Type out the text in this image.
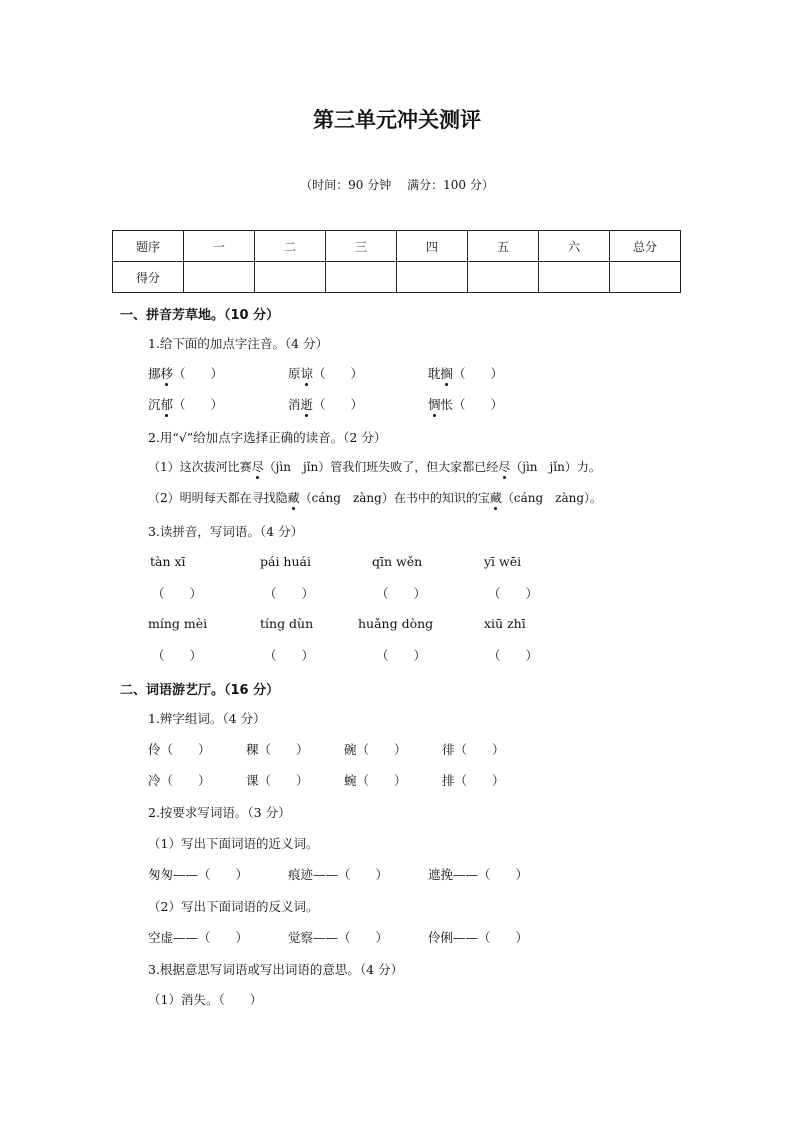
第三单元冲关测评
（时间：90 分钟 满分：100 分）
题序	一	二	三	四	五	六	总分
得分							
一、拼音芳草地。（10 分）
1.给下面的加点字注音。（4 分）
挪移（　　）	原谅（　　）	耽搁（　　）
沉郁（　　）	消逝（　　）	惆怅（　　）
2.用“√”给加点字选择正确的读音。（2 分）
（1）这次拔河比赛尽（jìn　jǐn）管我们班失败了，但大家都已经尽（jìn　jǐn）力。
（2）明明每天都在寻找隐藏（cáng　zàng）在书中的知识的宝藏（cáng　zàng）。
3.读拼音，写词语。（4 分）
tàn xī	pái huái	qīn wěn	yī wēi
（　　）	（　　）	（　　）	（　　）
míng mèi	tíng dùn	huǎng dòng	xiū zhī
（　　）	（　　）	（　　）	（　　）
二、词语游艺厅。（16 分）
1.辨字组词。（4 分）
伶（　　）	稞（　　）	碗（　　）	徘（　　）
冷（　　）	课（　　）	蜿（　　）	排（　　）
2.按要求写词语。（3 分）
（1）写出下面词语的近义词。
匆匆——（　　）	痕迹——（　　）	遮挽——（　　）
（2）写出下面词语的反义词。
空虚——（　　）	觉察——（　　）	伶俐——（　　）
3.根据意思写词语或写出词语的意思。（4 分）
（1）消失。（　　）
